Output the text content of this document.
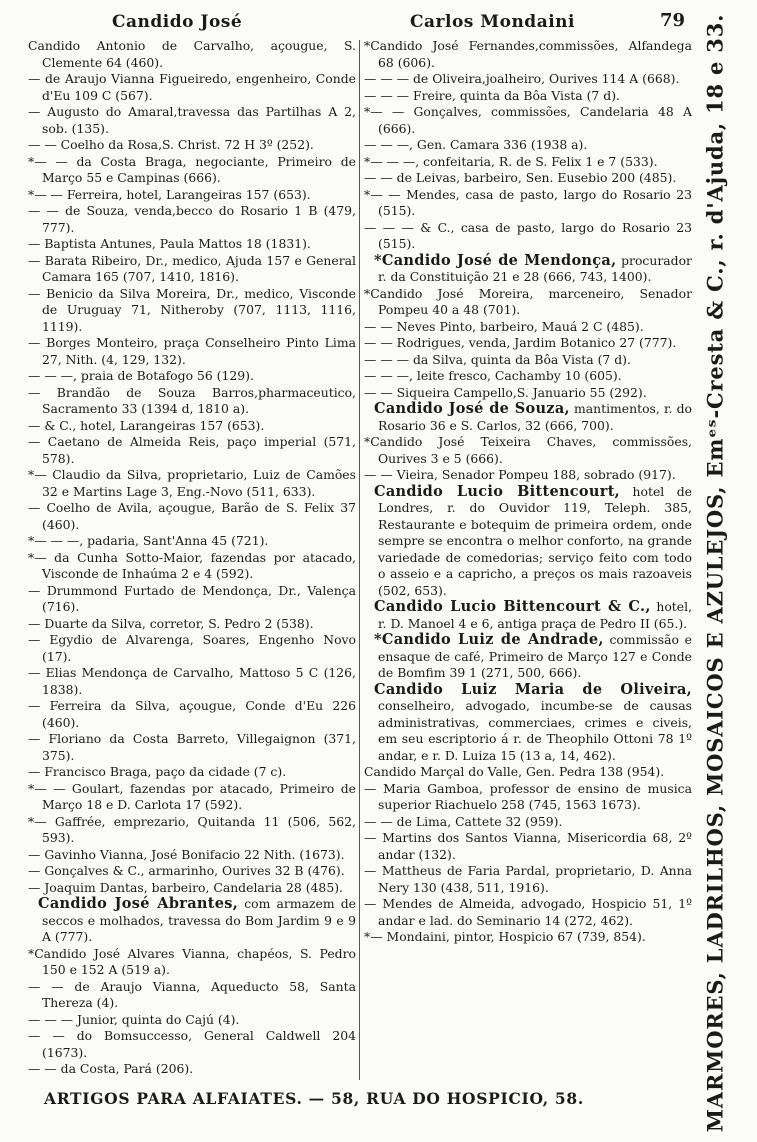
Candido José	Carlos Mondaini	79
Candido Antonio de Carvalho, açougue, S. Clemente 64 (460).
— de Araujo Vianna Figueiredo, engenheiro, Conde d'Eu 109 C (567).
— Augusto do Amaral,travessa das Partilhas A 2, sob. (135).
— — Coelho da Rosa,S. Christ. 72 H 3º (252).
*— — da Costa Braga, negociante, Primeiro de Março 55 e Campinas (666).
*— — Ferreira, hotel, Larangeiras 157 (653).
— — de Souza, venda,becco do Rosario 1 B (479, 777).
— Baptista Antunes, Paula Mattos 18 (1831).
— Barata Ribeiro, Dr., medico, Ajuda 157 e General Camara 165 (707, 1410, 1816).
— Benicio da Silva Moreira, Dr., medico, Visconde de Uruguay 71, Nitheroby (707, 1113, 1116, 1119).
— Borges Monteiro, praça Conselheiro Pinto Lima 27, Nith. (4, 129, 132).
— — —, praia de Botafogo 56 (129).
— Brandão de Souza Barros,pharmaceutico, Sacramento 33 (1394 d, 1810 a).
— & C., hotel, Larangeiras 157 (653).
— Caetano de Almeida Reis, paço imperial (571, 578).
*— Claudio da Silva, proprietario, Luiz de Camões 32 e Martins Lage 3, Eng.-Novo (511, 633).
— Coelho de Avila, açougue, Barão de S. Felix 37 (460).
*— — —, padaria, Sant'Anna 45 (721).
*— da Cunha Sotto-Maior, fazendas por atacado, Visconde de Inhaúma 2 e 4 (592).
— Drummond Furtado de Mendonça, Dr., Valença (716).
— Duarte da Silva, corretor, S. Pedro 2 (538).
— Egydio de Alvarenga, Soares, Engenho Novo (17).
— Elias Mendonça de Carvalho, Mattoso 5 C (126, 1838).
— Ferreira da Silva, açougue, Conde d'Eu 226 (460).
— Floriano da Costa Barreto, Villegaignon (371, 375).
— Francisco Braga, paço da cidade (7 c).
*— — Goulart, fazendas por atacado, Primeiro de Março 18 e D. Carlota 17 (592).
*— Gaffrée, emprezario, Quitanda 11 (506, 562, 593).
— Gavinho Vianna, José Bonifacio 22 Nith. (1673).
— Gonçalves & C., armarinho, Ourives 32 B (476).
— Joaquim Dantas, barbeiro, Candelaria 28 (485).
Candido José Abrantes, com armazem de seccos e molhados, travessa do Bom Jardim 9 e 9 A (777).
*Candido José Alvares Vianna, chapéos, S. Pedro 150 e 152 A (519 a).
— — de Araujo Vianna, Aqueducto 58, Santa Thereza (4).
— — — Junior, quinta do Cajú (4).
— — do Bomsuccesso, General Caldwell 204 (1673).
— — da Costa, Pará (206).
*Candido José Fernandes,commissões, Alfandega 68 (606).
— — — de Oliveira,joalheiro, Ourives 114 A (668).
— — — Freire, quinta da Bôa Vista (7 d).
*— — Gonçalves, commissões, Candelaria 48 A (666).
— — —, Gen. Camara 336 (1938 a).
*— — —, confeitaria, R. de S. Felix 1 e 7 (533).
— — de Leivas, barbeiro, Sen. Eusebio 200 (485).
*— — Mendes, casa de pasto, largo do Rosario 23 (515).
— — — & C., casa de pasto, largo do Rosario 23 (515).
*Candido José de Mendonça, procurador r. da Constituição 21 e 28 (666, 743, 1400).
*Candido José Moreira, marceneiro, Senador Pompeu 40 a 48 (701).
— — Neves Pinto, barbeiro, Mauá 2 C (485).
— — Rodrigues, venda, Jardim Botanico 27 (777).
— — — da Silva, quinta da Bôa Vista (7 d).
— — —, leite fresco, Cachamby 10 (605).
— — Siqueira Campello,S. Januario 55 (292).
Candido José de Souza, mantimentos, r. do Rosario 36 e S. Carlos, 32 (666, 700).
*Candido José Teixeira Chaves, commissões, Ourives 3 e 5 (666).
— — Vieira, Senador Pompeu 188, sobrado (917).
Candido Lucio Bittencourt, hotel de Londres, r. do Ouvidor 119, Teleph. 385, Restaurante e botequim de primeira ordem, onde sempre se encontra o melhor conforto, na grande variedade de comedorias; serviço feito com todo o asseio e a capricho, a preços os mais razoaveis (502, 653).
Candido Lucio Bittencourt & C., hotel, r. D. Manoel 4 e 6, antiga praça de Pedro II (65.).
*Candido Luiz de Andrade, commissão e ensaque de café, Primeiro de Março 127 e Conde de Bomfim 39 1 (271, 500, 666).
Candido Luiz Maria de Oliveira, conselheiro, advogado, incumbe-se de causas administrativas, commerciaes, crimes e civeis, em seu escriptorio á r. de Theophilo Ottoni 78 1º andar, e r. D. Luiza 15 (13 a, 14, 462).
Candido Marçal do Valle, Gen. Pedra 138 (954).
— Maria Gamboa, professor de ensino de musica superior Riachuelo 258 (745, 1563 1673).
— — de Lima, Cattete 32 (959).
— Martins dos Santos Vianna, Misericordia 68, 2º andar (132).
— Mattheus de Faria Pardal, proprietario, D. Anna Nery 130 (438, 511, 1916).
— Mendes de Almeida, advogado, Hospicio 51, 1º andar e lad. do Seminario 14 (272, 462).
*— Mondaini, pintor, Hospicio 67 (739, 854).	MARMORES, LADRILHOS, MOSAICOS E AZULEJOS, Emᵉˢ-Cresta & C., r. d'Ajuda, 18 e 33.
ARTIGOS PARA ALFAIATES. — 58, RUA DO HOSPICIO, 58.
